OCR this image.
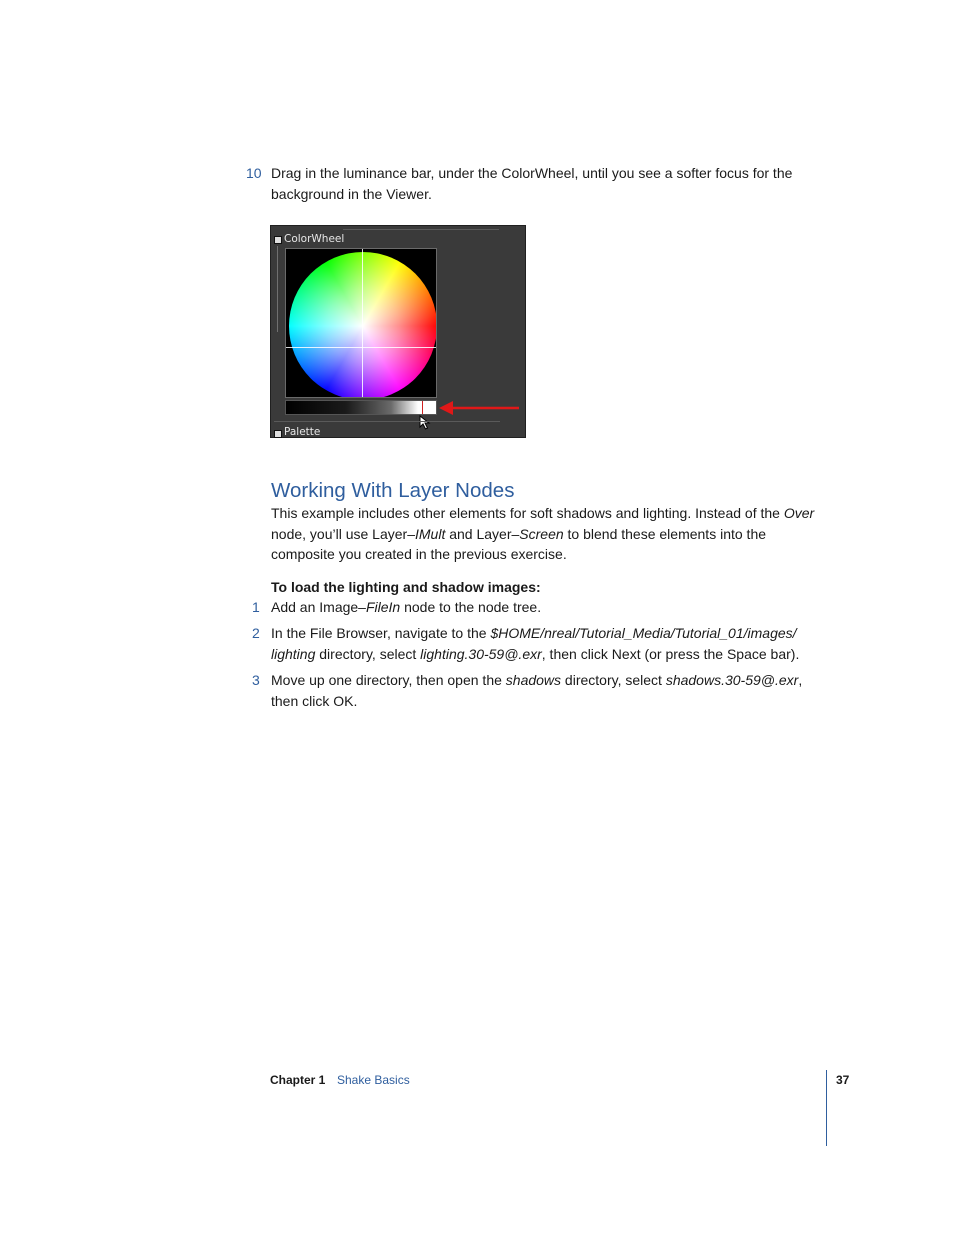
10 Drag in the luminance bar, under the ColorWheel, until you see a softer focus for the
background in the Viewer.
ColorWheel
Palette
Working With Layer Nodes
This example includes other elements for soft shadows and lighting. Instead of the Over
node, you’ll use Layer–IMult and Layer–Screen to blend these elements into the
composite you created in the previous exercise.
To load the lighting and shadow images:
1 Add an Image–FileIn node to the node tree.
2 In the File Browser, navigate to the $HOME/nreal/Tutorial_Media/Tutorial_01/images/
lighting directory, select lighting.30-59@.exr, then click Next (or press the Space bar).
3 Move up one directory, then open the shadows directory, select shadows.30-59@.exr,
then click OK.
Chapter 1 Shake Basics	37
